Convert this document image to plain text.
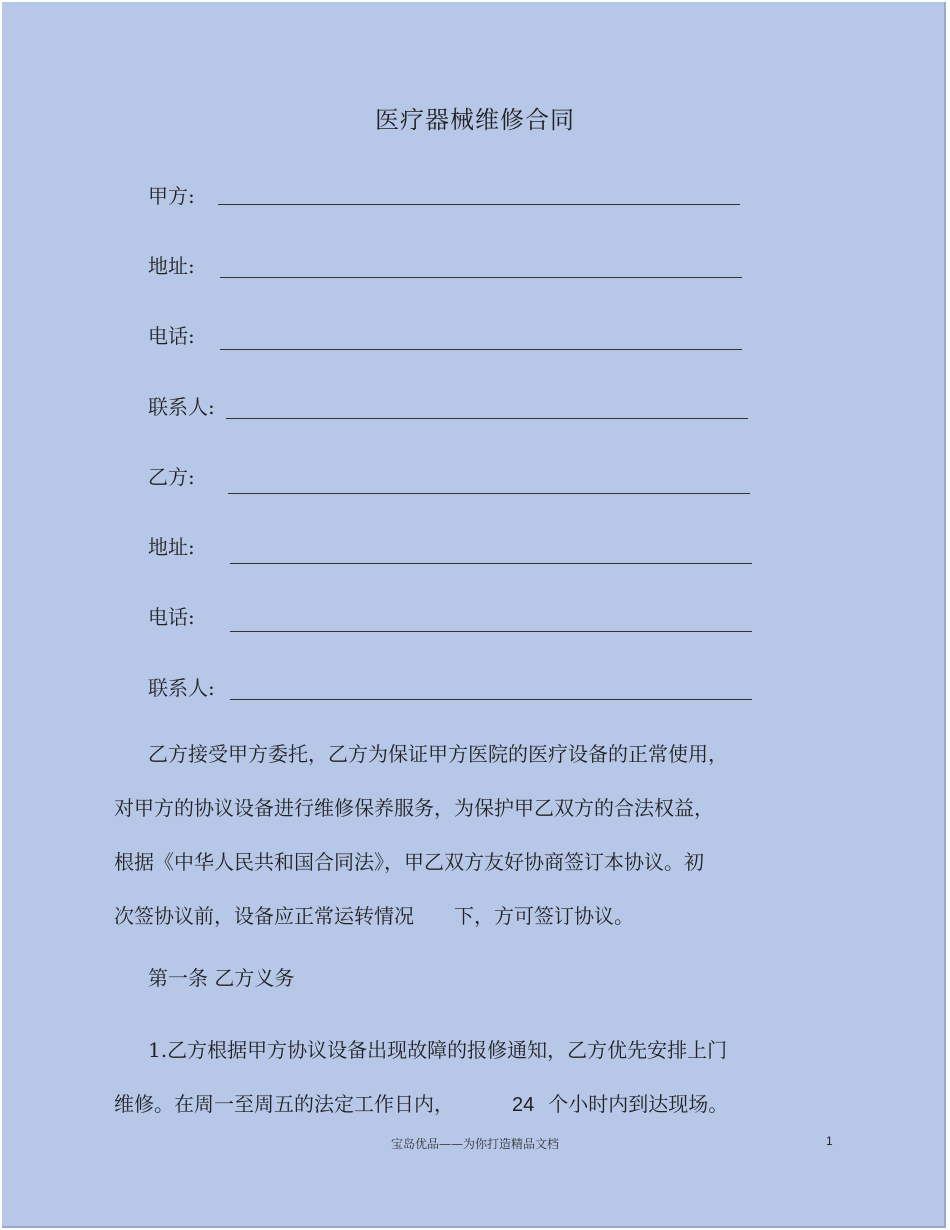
医疗器械维修合同
甲方:
地址:
电话:
联系人:
乙方:
地址:
电话:
联系人:
乙方接受甲方委托，乙方为保证甲方医院的医疗设备的正常使用，
对甲方的协议设备进行维修保养服务，为保护甲乙双方的合法权益，
根据《中华人民共和国合同法》，甲乙双方友好协商签订本协议。初
次签协议前，设备应正常运转情况 下，方可签订协议。
第一条 乙方义务
1.乙方根据甲方协议设备出现故障的报修通知，乙方优先安排上门
维修。在周一至周五的法定工作日内，	24 个小时内到达现场。
宝岛优品——为你打造精品文档	1
